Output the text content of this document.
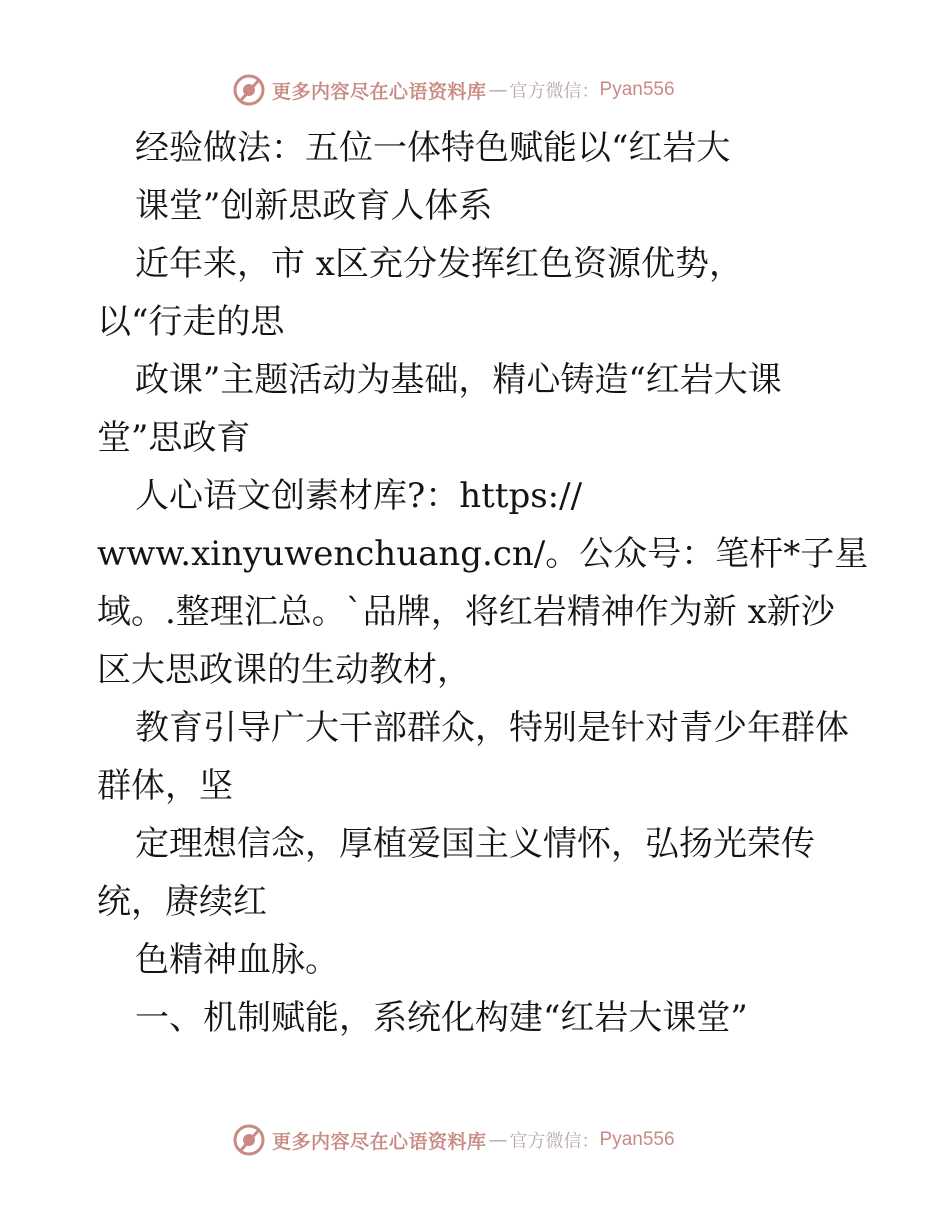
更多内容尽在心语资料库 — 官方微信： Pyan556
经验做法：五位一体特色赋能以“红岩大
课堂”创新思政育人体系
近年来，市 x区充分发挥红色资源优势，
以“行走的思
政课”主题活动为基础，精心铸造“红岩大课
堂”思政育
人心语文创素材库?：https://
www.xinyuwenchuang.cn/。公众号：笔杆*子星
域。.整理汇总。`品牌，将红岩精神作为新 x新沙
区大思政课的生动教材，
教育引导广大干部群众，特别是针对青少年群体
群体，坚
定理想信念，厚植爱国主义情怀，弘扬光荣传
统，赓续红
色精神血脉。
一、机制赋能，系统化构建“红岩大课堂”
更多内容尽在心语资料库 — 官方微信： Pyan556
